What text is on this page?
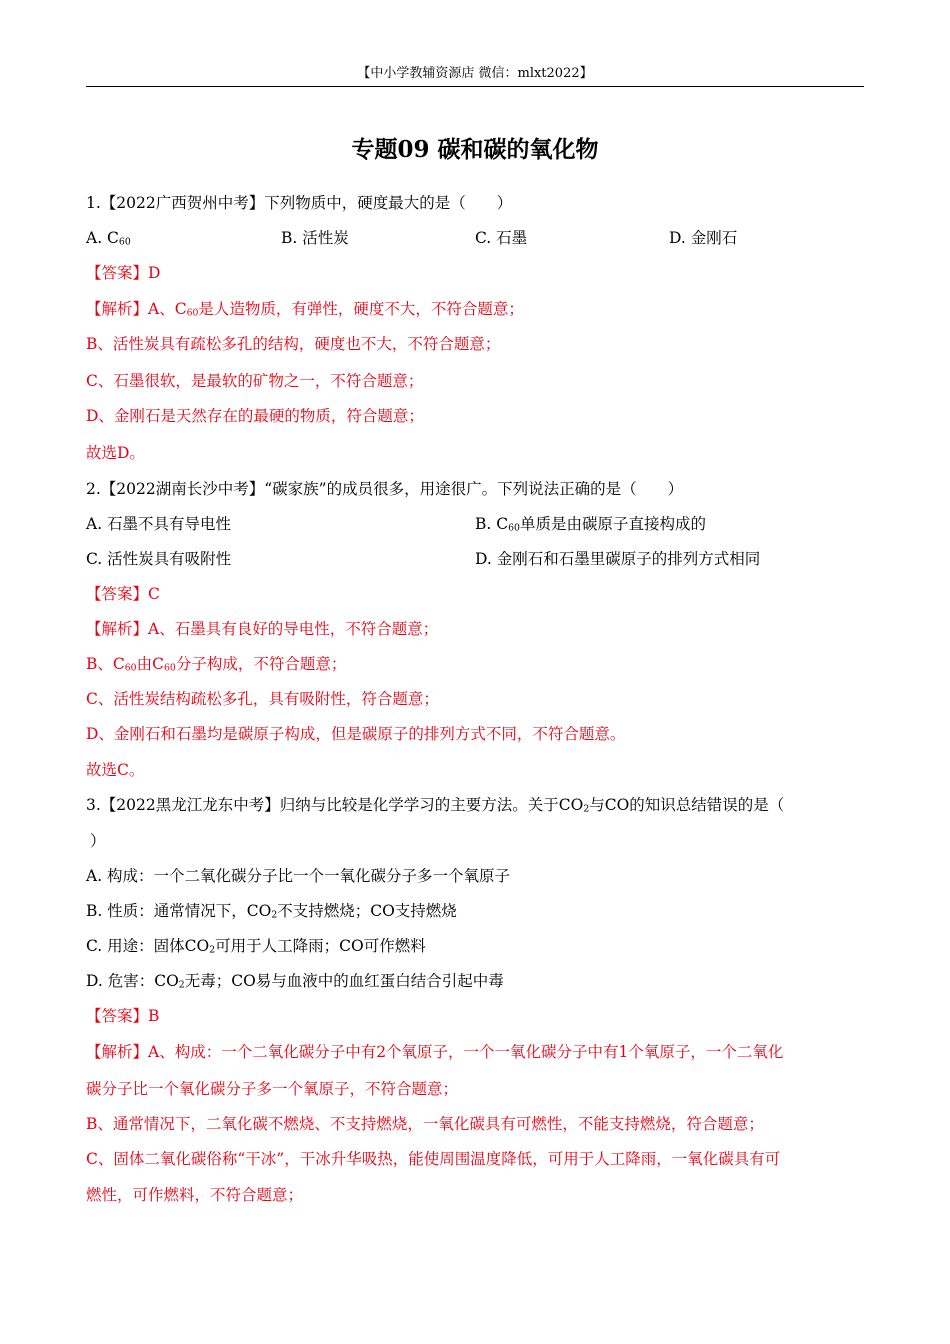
【中小学教辅资源店 微信：mlxt2022】
专题09 碳和碳的氧化物
1.【2022广西贺州中考】下列物质中，硬度最大的是（　　）
A. $C_{60}$	B. 活性炭	C. 石墨	D. 金刚石
【答案】D
【解析】A、$C_{60}$是人造物质，有弹性，硬度不大，不符合题意；
B、活性炭具有疏松多孔的结构，硬度也不大，不符合题意；
C、石墨很软，是最软的矿物之一，不符合题意；
D、金刚石是天然存在的最硬的物质，符合题意；
故选D。
2.【2022湖南长沙中考】“碳家族”的成员很多，用途很广。下列说法正确的是（　　）
A. 石墨不具有导电性	B. $C_{60}$单质是由碳原子直接构成的
C. 活性炭具有吸附性	D. 金刚石和石墨里碳原子的排列方式相同
【答案】C
【解析】A、石墨具有良好的导电性，不符合题意；
B、$C_{60}$由$C_{60}$分子构成，不符合题意；
C、活性炭结构疏松多孔，具有吸附性，符合题意；
D、金刚石和石墨均是碳原子构成，但是碳原子的排列方式不同，不符合题意。
故选C。
3.【2022黑龙江龙东中考】归纳与比较是化学学习的主要方法。关于$CO_2$与CO的知识总结错误的是（
）
A. 构成：一个二氧化碳分子比一个一氧化碳分子多一个氧原子
B. 性质：通常情况下，$CO_2$不支持燃烧；CO支持燃烧
C. 用途：固体$CO_2$可用于人工降雨；CO可作燃料
D. 危害：$CO_2$无毒；CO易与血液中的血红蛋白结合引起中毒
【答案】B
【解析】A、构成：一个二氧化碳分子中有2个氧原子，一个一氧化碳分子中有1个氧原子，一个二氧化
碳分子比一个氧化碳分子多一个氧原子，不符合题意；
B、通常情况下，二氧化碳不燃烧、不支持燃烧，一氧化碳具有可燃性，不能支持燃烧，符合题意；
C、固体二氧化碳俗称“干冰”，干冰升华吸热，能使周围温度降低，可用于人工降雨，一氧化碳具有可
燃性，可作燃料，不符合题意；
